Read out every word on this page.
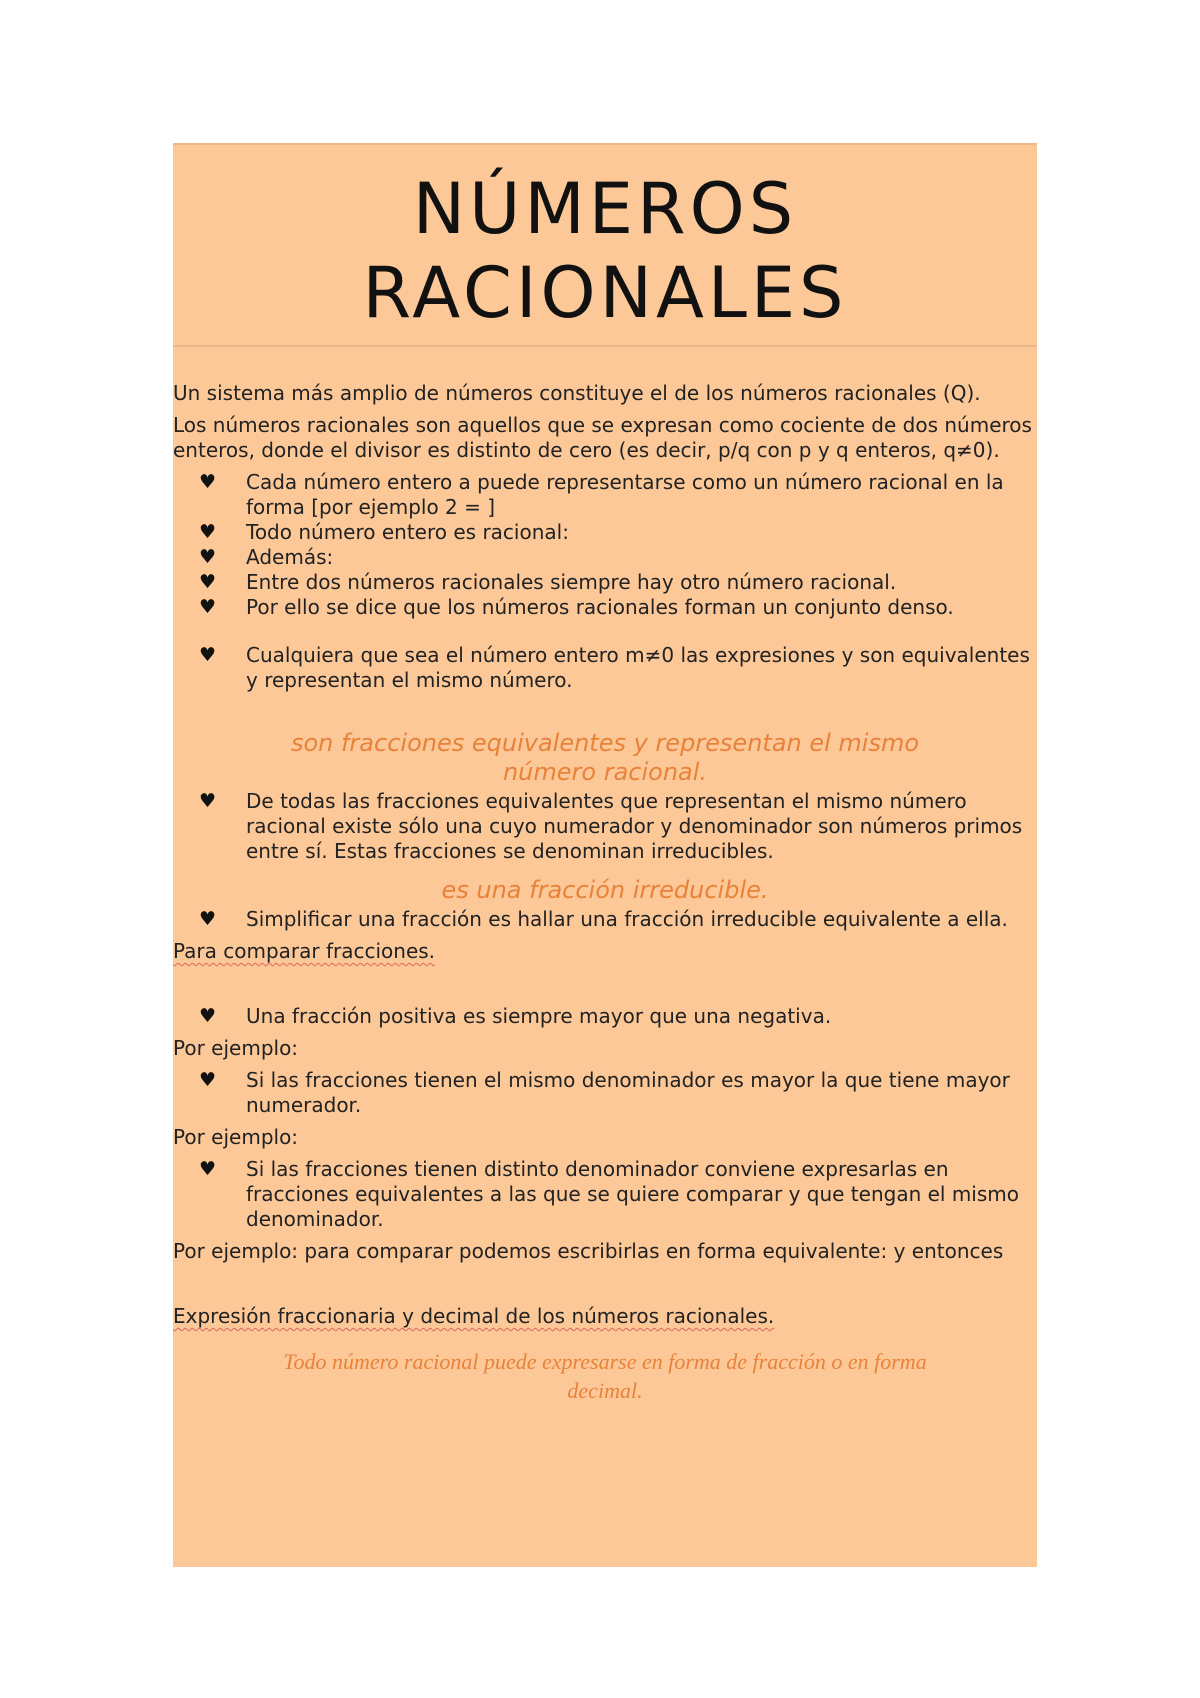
NÚMEROS
RACIONALES

Un sistema más amplio de números constituye el de los números racionales (Q).

Los números racionales son aquellos que se expresan como cociente de dos números enteros, donde el divisor es distinto de cero (es decir, p/q con p y q enteros, q≠0).

♥ Cada número entero a puede representarse como un número racional en la forma [por ejemplo 2 = ]
♥ Todo número entero es racional:
♥ Además:
♥ Entre dos números racionales siempre hay otro número racional.
♥ Por ello se dice que los números racionales forman un conjunto denso.
♥ Cualquiera que sea el número entero m≠0 las expresiones y son equivalentes y representan el mismo número.
son fracciones equivalentes y representan el mismo
número racional.
♥ De todas las fracciones equivalentes que representan el mismo número racional existe sólo una cuyo numerador y denominador son números primos entre sí. Estas fracciones se denominan irreducibles.
es una fracción irreducible.
♥ Simplificar una fracción es hallar una fracción irreducible equivalente a ella.

Para comparar fracciones.

♥ Una fracción positiva es siempre mayor que una negativa.

Por ejemplo:

♥ Si las fracciones tienen el mismo denominador es mayor la que tiene mayor numerador.

Por ejemplo:

♥ Si las fracciones tienen distinto denominador conviene expresarlas en fracciones equivalentes a las que se quiere comparar y que tengan el mismo denominador.

Por ejemplo: para comparar podemos escribirlas en forma equivalente: y entonces

Expresión fraccionaria y decimal de los números racionales.

Todo número racional puede expresarse en forma de fracción o en forma
decimal.
